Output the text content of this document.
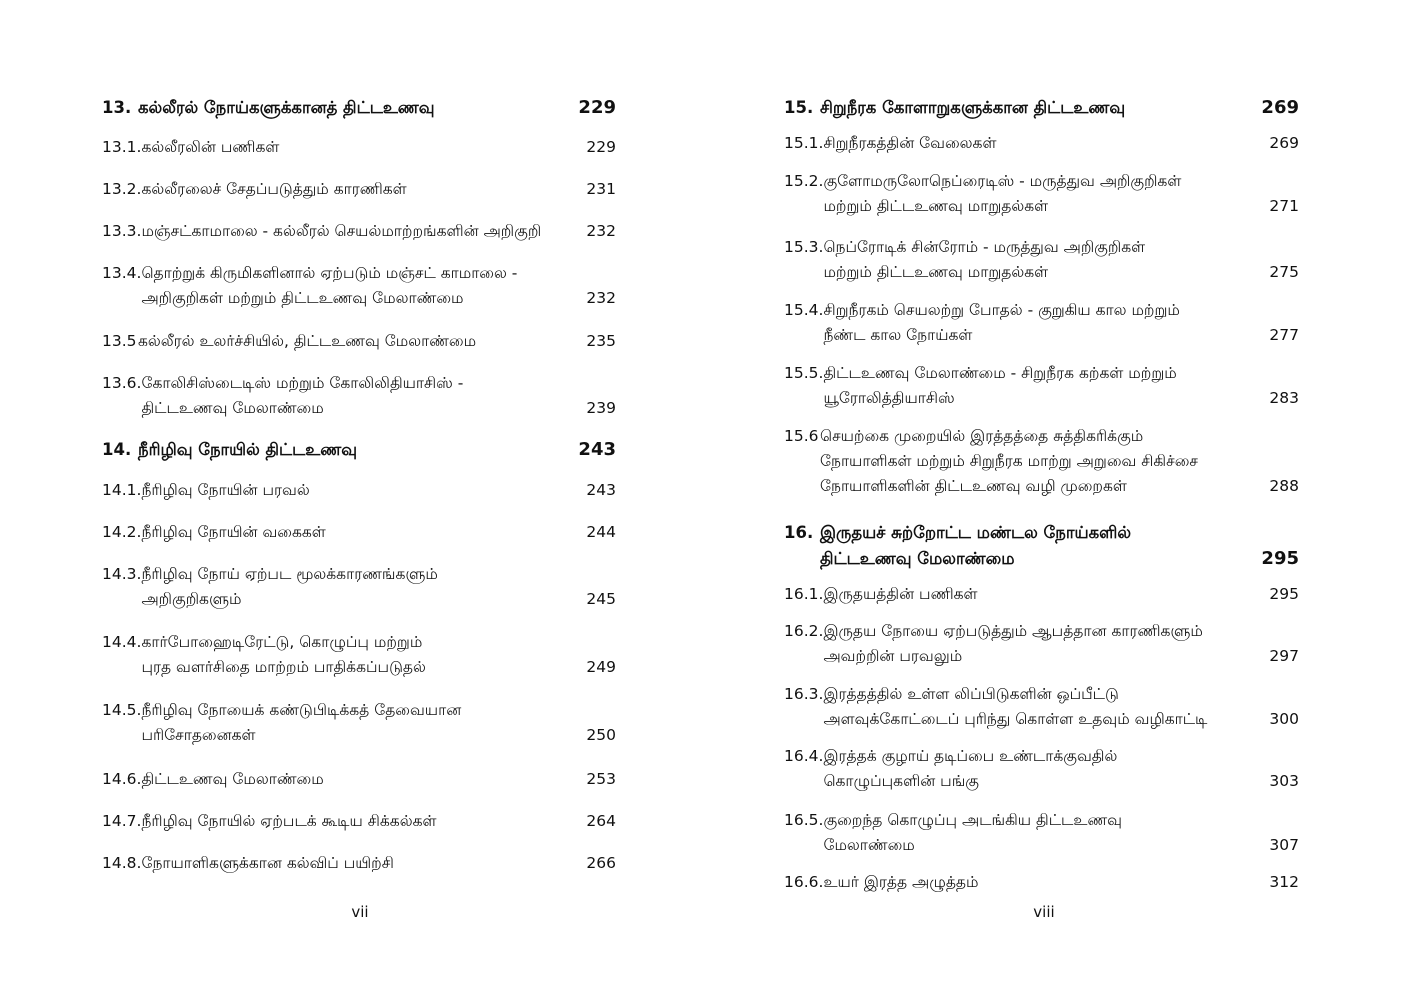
13. கல்லீரல் நோய்களுக்கானத் திட்டஉணவு	229
13.1. கல்லீரலின் பணிகள்	229
13.2. கல்லீரலைச் சேதப்படுத்தும் காரணிகள்	231
13.3. மஞ்சட்காமாலை - கல்லீரல் செயல்மாற்றங்களின் அறிகுறி	232
13.4. தொற்றுக் கிருமிகளினால் ஏற்படும் மஞ்சட் காமாலை -
அறிகுறிகள் மற்றும் திட்டஉணவு மேலாண்மை	232
13.5 கல்லீரல் உலர்ச்சியில், திட்டஉணவு மேலாண்மை	235
13.6. கோலிசிஸ்டைடிஸ் மற்றும் கோலிலிதியாசிஸ் -
திட்டஉணவு மேலாண்மை	239
14. நீரிழிவு நோயில் திட்டஉணவு	243
14.1. நீரிழிவு நோயின் பரவல்	243
14.2. நீரிழிவு நோயின் வகைகள்	244
14.3. நீரிழிவு நோய் ஏற்பட மூலக்காரணங்களும்
அறிகுறிகளும்	245
14.4. கார்போஹைடிரேட்டு, கொழுப்பு மற்றும்
புரத வளர்சிதை மாற்றம் பாதிக்கப்படுதல்	249
14.5. நீரிழிவு நோயைக் கண்டுபிடிக்கத் தேவையான
பரிசோதனைகள்	250
14.6. திட்டஉணவு மேலாண்மை	253
14.7. நீரிழிவு நோயில் ஏற்படக் கூடிய சிக்கல்கள்	264
14.8. நோயாளிகளுக்கான கல்விப் பயிற்சி	266
15. சிறுநீரக கோளாறுகளுக்கான திட்டஉணவு	269
15.1. சிறுநீரகத்தின் வேலைகள்	269
15.2. குளோமருலோநெப்ரைடிஸ் - மருத்துவ அறிகுறிகள்
மற்றும் திட்டஉணவு மாறுதல்கள்	271
15.3. நெப்ரோடிக் சின்ரோம் - மருத்துவ அறிகுறிகள்
மற்றும் திட்டஉணவு மாறுதல்கள்	275
15.4. சிறுநீரகம் செயலற்று போதல் - குறுகிய கால மற்றும்
நீண்ட கால நோய்கள்	277
15.5. திட்டஉணவு மேலாண்மை - சிறுநீரக கற்கள் மற்றும்
யூரோலித்தியாசிஸ்	283
15.6 செயற்கை முறையில் இரத்தத்தை சுத்திகரிக்கும்
நோயாளிகள் மற்றும் சிறுநீரக மாற்று அறுவை சிகிச்சை
நோயாளிகளின் திட்டஉணவு வழி முறைகள்	288
16. இருதயச் சுற்றோட்ட மண்டல நோய்களில்
திட்டஉணவு மேலாண்மை	295
16.1. இருதயத்தின் பணிகள்	295
16.2. இருதய நோயை ஏற்படுத்தும் ஆபத்தான காரணிகளும்
அவற்றின் பரவலும்	297
16.3. இரத்தத்தில் உள்ள லிப்பிடுகளின் ஒப்பீட்டு
அளவுக்கோட்டைப் புரிந்து கொள்ள உதவும் வழிகாட்டி	300
16.4. இரத்தக் குழாய் தடிப்பை உண்டாக்குவதில்
கொழுப்புகளின் பங்கு	303
16.5. குறைந்த கொழுப்பு அடங்கிய திட்டஉணவு
மேலாண்மை	307
16.6. உயர் இரத்த அழுத்தம்	312
vii	viii
